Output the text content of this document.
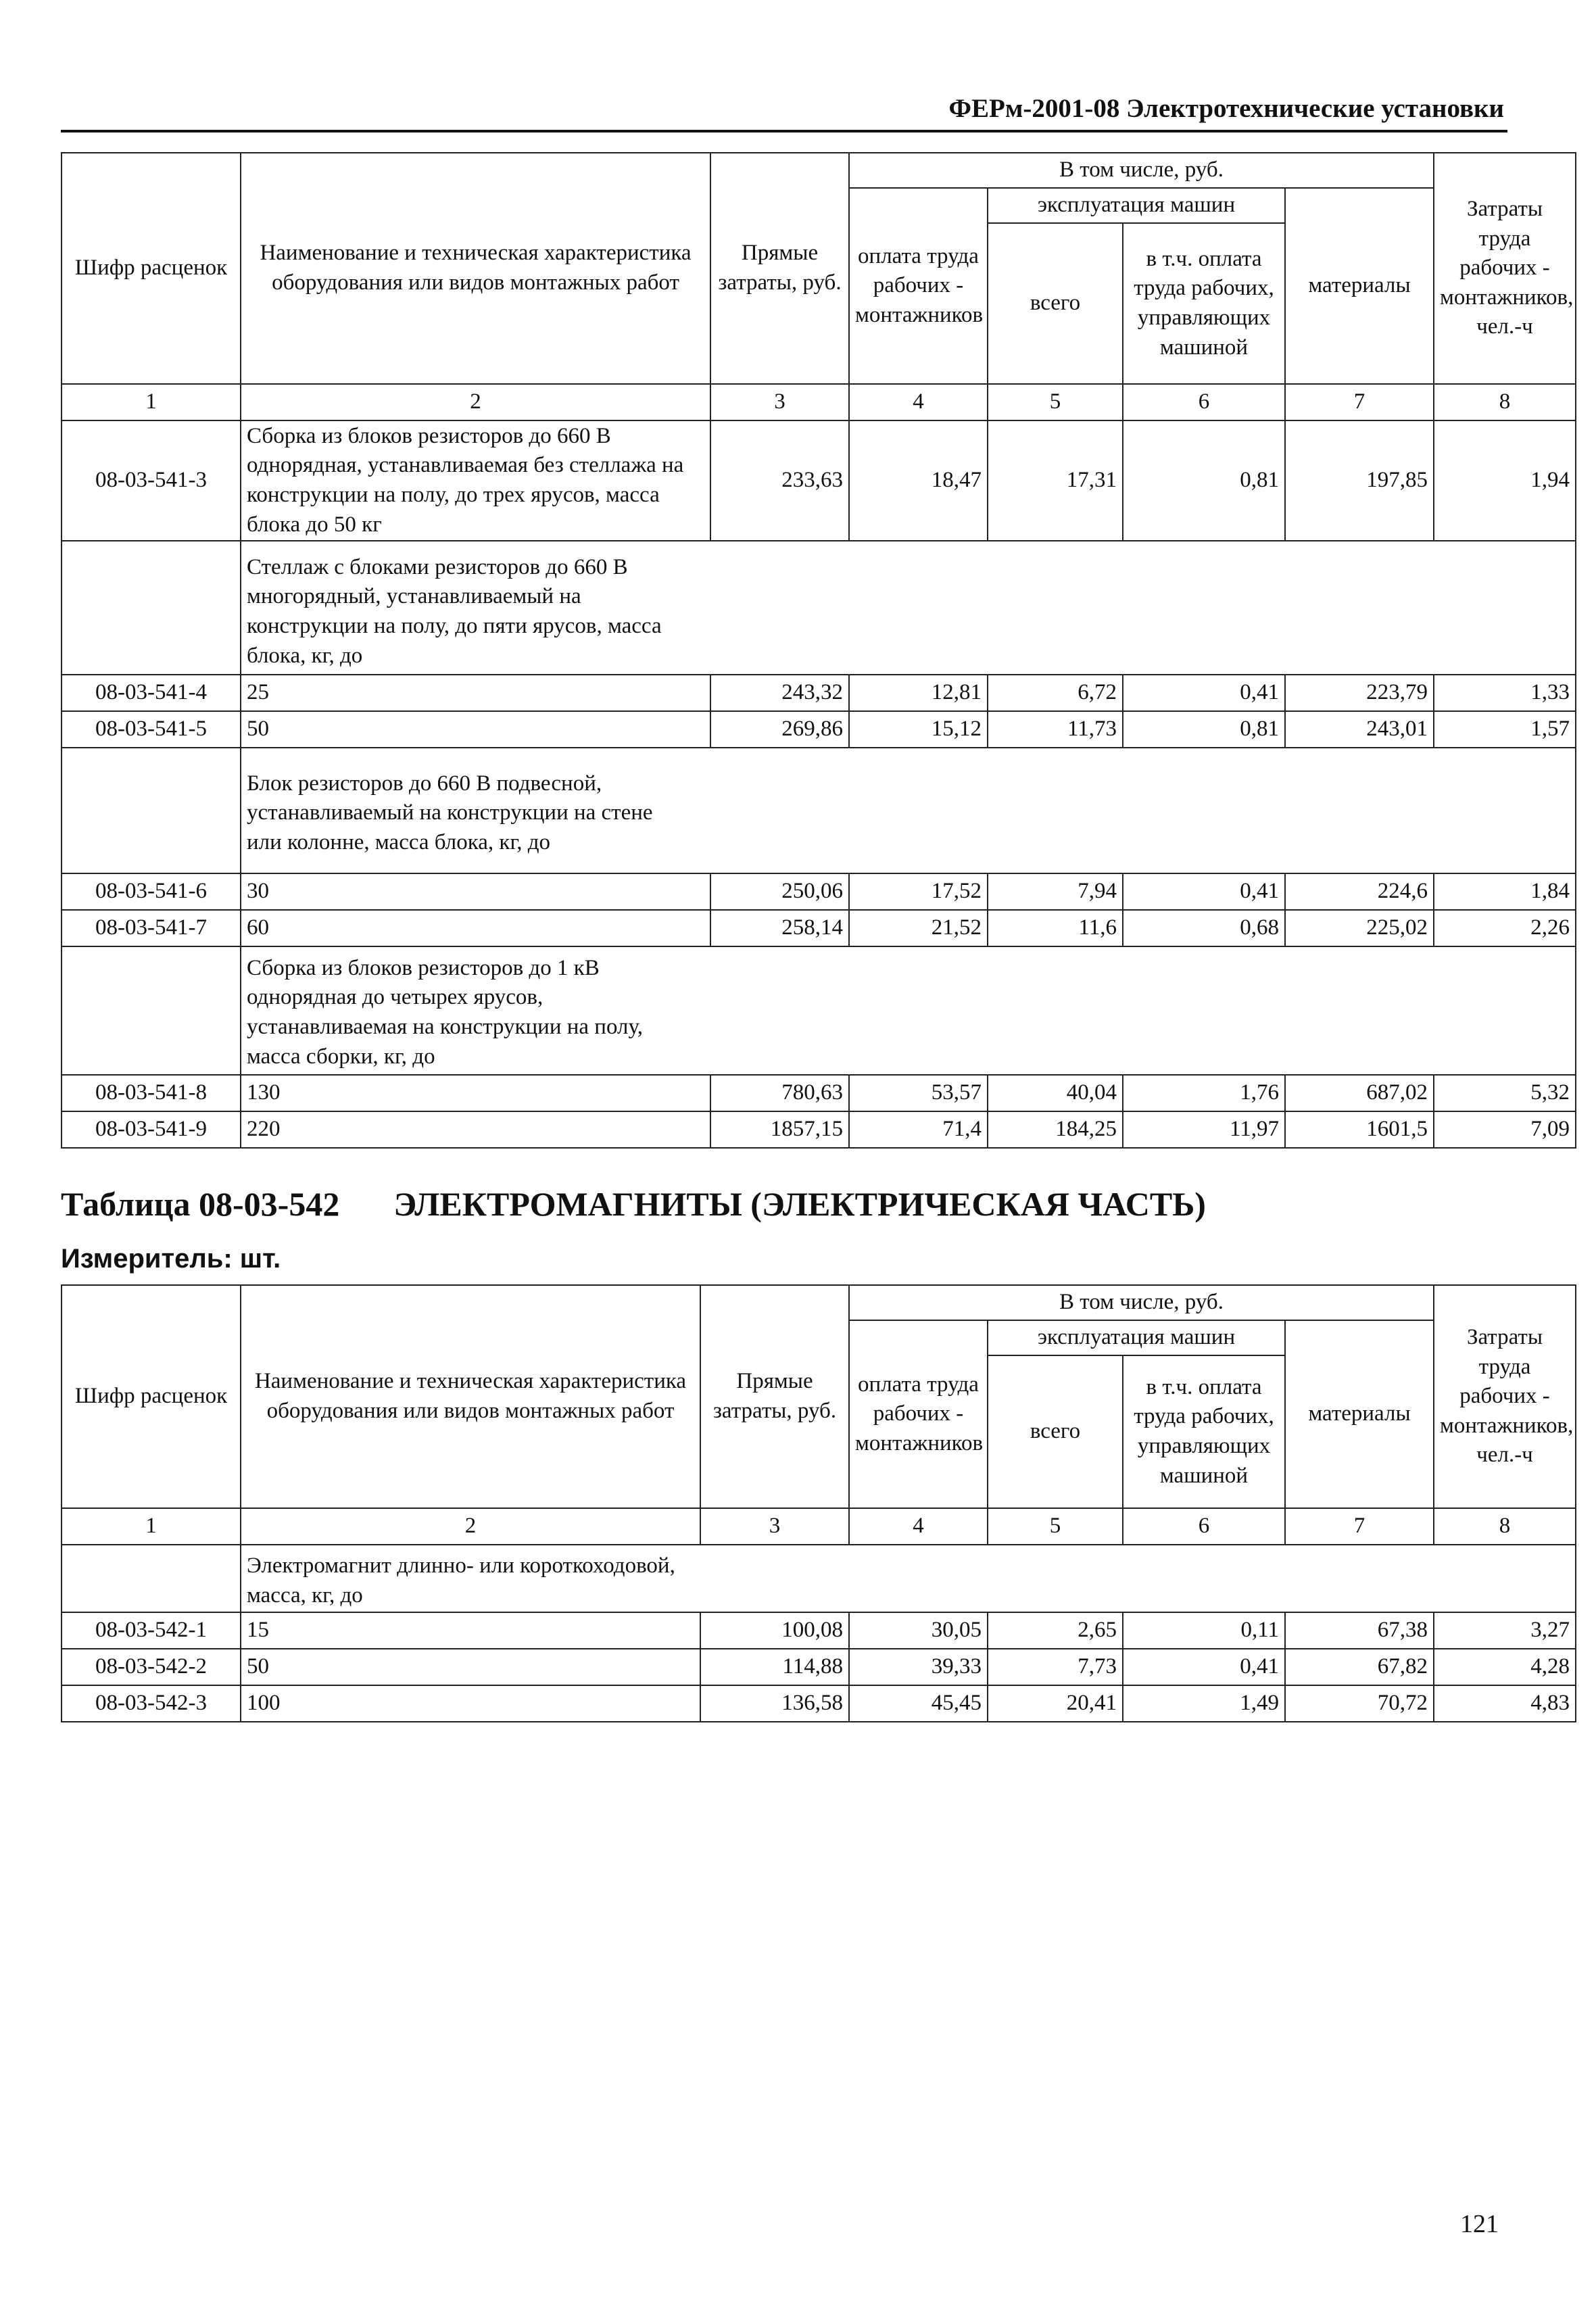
ФЕРм-2001-08 Электротехнические установки
Шифр расценок	Наименование и техническая характеристика оборудования или видов монтажных работ	Прямые затраты, руб.	В том числе, руб.				Затраты труда рабочих - монтажников, чел.-ч
			оплата труда рабочих - монтажников	эксплуатация машин		материалы	
				всего	в т.ч. оплата труда рабочих, управляющих машиной		
1	2	3	4	5	6	7	8
08-03-541-3	Сборка из блоков резисторов до 660 В однорядная, устанавливаемая без стеллажа на конструкции на полу, до трех ярусов, масса блока до 50 кг	233,63	18,47	17,31	0,81	197,85	1,94
	Стеллаж с блоками резисторов до 660 В многорядный, устанавливаемый на конструкции на полу, до пяти ярусов, масса блока, кг, до						
08-03-541-4	25	243,32	12,81	6,72	0,41	223,79	1,33
08-03-541-5	50	269,86	15,12	11,73	0,81	243,01	1,57
	Блок резисторов до 660 В подвесной, устанавливаемый на конструкции на стене или колонне, масса блока, кг, до						
08-03-541-6	30	250,06	17,52	7,94	0,41	224,6	1,84
08-03-541-7	60	258,14	21,52	11,6	0,68	225,02	2,26
	Сборка из блоков резисторов до 1 кВ однорядная до четырех ярусов, устанавливаемая на конструкции на полу, масса сборки, кг, до						
08-03-541-8	130	780,63	53,57	40,04	1,76	687,02	5,32
08-03-541-9	220	1857,15	71,4	184,25	11,97	1601,5	7,09
Таблица 08-03-542 ЭЛЕКТРОМАГНИТЫ (ЭЛЕКТРИЧЕСКАЯ ЧАСТЬ)
Измеритель: шт.
Шифр расценок	Наименование и техническая характеристика оборудования или видов монтажных работ	Прямые затраты, руб.	В том числе, руб.				Затраты труда рабочих - монтажников, чел.-ч
			оплата труда рабочих - монтажников	эксплуатация машин		материалы	
				всего	в т.ч. оплата труда рабочих, управляющих машиной		
1	2	3	4	5	6	7	8
	Электромагнит длинно- или короткоходовой, масса, кг, до						
08-03-542-1	15	100,08	30,05	2,65	0,11	67,38	3,27
08-03-542-2	50	114,88	39,33	7,73	0,41	67,82	4,28
08-03-542-3	100	136,58	45,45	20,41	1,49	70,72	4,83
121
